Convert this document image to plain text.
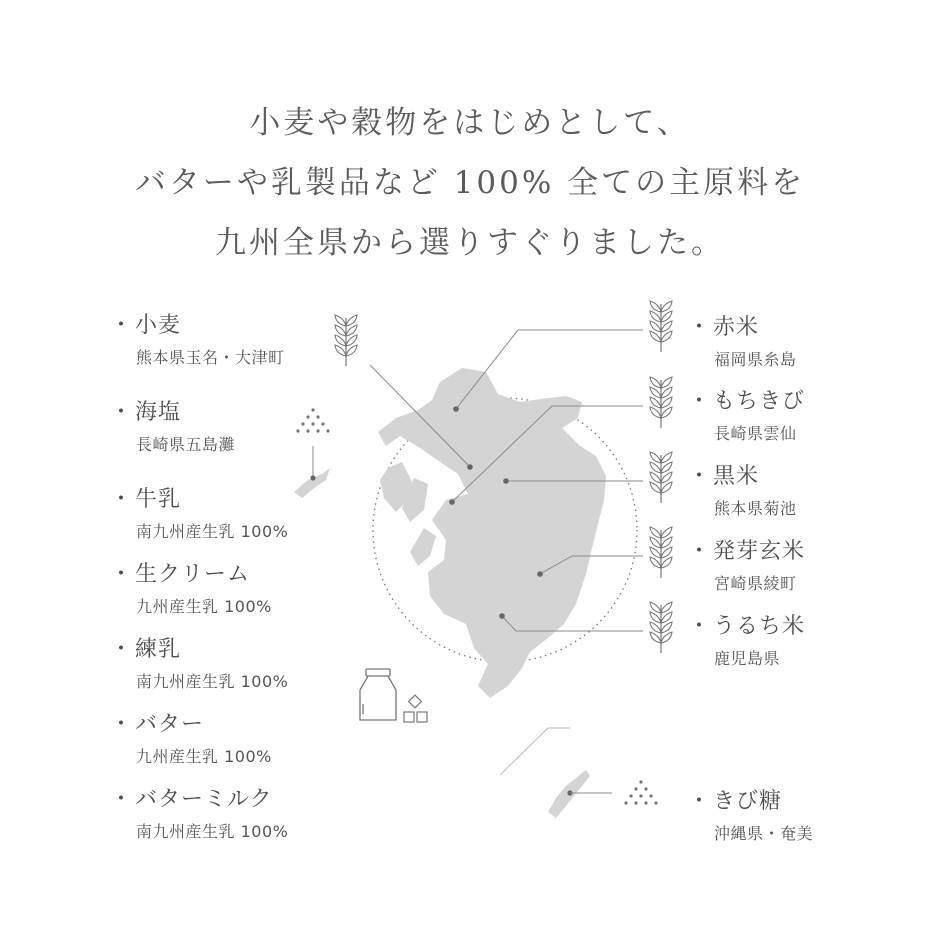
小麦や穀物をはじめとして、
バターや乳製品など 100% 全ての主原料を
九州全県から選りすぐりました。
・ 小麦
熊本県玉名・大津町
・ 海塩
長崎県五島灘
・ 牛乳
南九州産生乳 100%
・ 生クリーム
九州産生乳 100%
・ 練乳
南九州産生乳 100%
・ バター
九州産生乳 100%
・ バターミルク
南九州産生乳 100%
・ 赤米
福岡県糸島
・ もちきび
長崎県雲仙
・ 黒米
熊本県菊池
・ 発芽玄米
宮崎県綾町
・ うるち米
鹿児島県
・ きび糖
沖縄県・奄美
